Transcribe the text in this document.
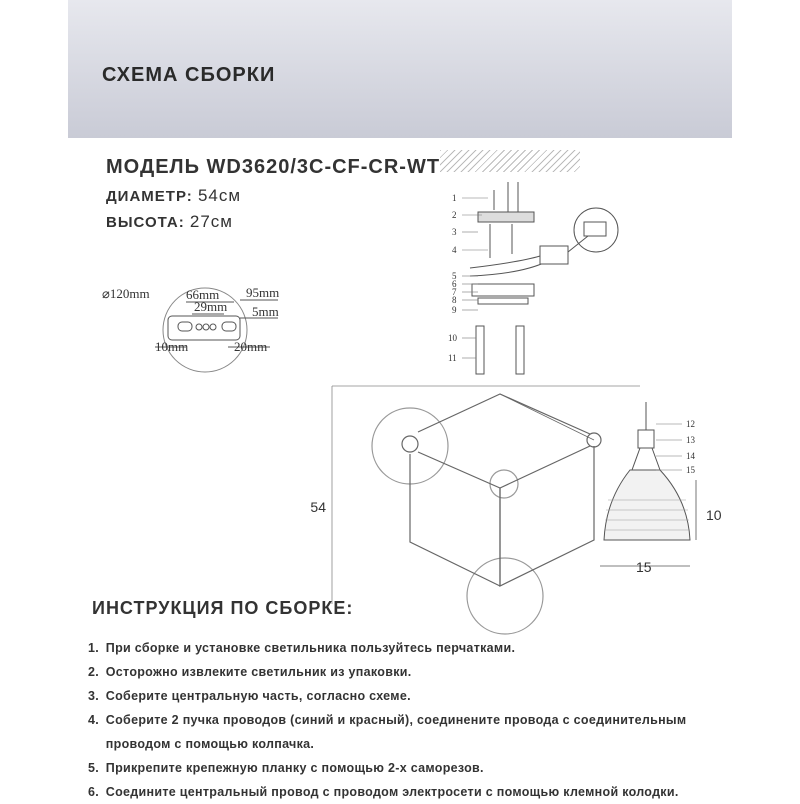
СХЕМА СБОРКИ
МОДЕЛЬ WD3620/3C-CF-CR-WT
ДИАМЕТР: 54см
ВЫСОТА: 27см
⌀120mm	66mm 95mm
29mm 5mm
10mm	20mm
1
2
3
4
5
6
7
8
9
10
11
54
12
13
14
15
10
15
ИНСТРУКЦИЯ ПО СБОРКЕ:
1. При сборке и установке светильника пользуйтесь перчатками.
2. Осторожно извлеките светильник из упаковки.
3. Соберите центральную часть, согласно схеме.
4. Соберите 2 пучка проводов (синий и красный), соединените провода с соединительным
проводом с помощью колпачка.
5. Прикрепите крепежную планку с помощью 2-х саморезов.
6. Соедините центральный провод с проводом электросети с помощью клемной колодки.
